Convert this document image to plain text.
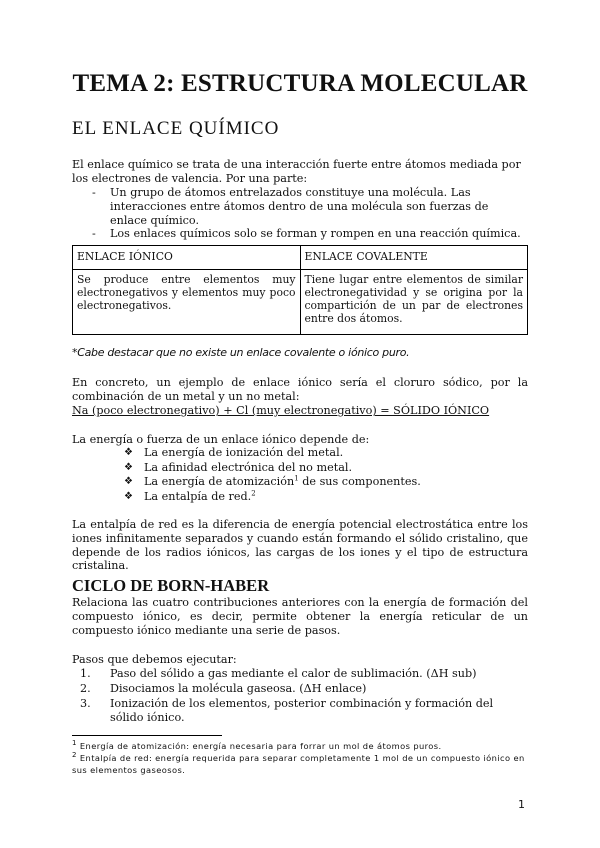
TEMA 2: ESTRUCTURA MOLECULAR
EL ENLACE QUÍMICO

El enlace químico se trata de una interacción fuerte entre átomos mediada por los electrones de valencia. Por una parte:

- Un grupo de átomos entrelazados constituye una molécula. Las interacciones entre átomos dentro de una molécula son fuerzas de enlace químico.
- Los enlaces químicos solo se forman y rompen en una reacción química.
ENLACE IÓNICO	ENLACE COVALENTE
Se produce entre elementos muy electronegativos y elementos muy poco electronegativos.	Tiene lugar entre elementos de similar electronegatividad y se origina por la compartición de un par de electrones entre dos átomos.
*Cabe destacar que no existe un enlace covalente o iónico puro.

En concreto, un ejemplo de enlace iónico sería el cloruro sódico, por la combinación de un metal y un no metal:

Na (poco electronegativo) + Cl (muy electronegativo) = SÓLIDO IÓNICO

La energía o fuerza de un enlace iónico depende de:

❖ La energía de ionización del metal.
❖ La afinidad electrónica del no metal.
❖ La energía de atomización$^1$ de sus componentes.
❖ La entalpía de red.$^2$

La entalpía de red es la diferencia de energía potencial electrostática entre los iones infinitamente separados y cuando están formando el sólido cristalino, que depende de los radios iónicos, las cargas de los iones y el tipo de estructura cristalina.

CICLO DE BORN-HABER

Relaciona las cuatro contribuciones anteriores con la energía de formación del compuesto iónico, es decir, permite obtener la energía reticular de un compuesto iónico mediante una serie de pasos.

Pasos que debemos ejecutar:

1. Paso del sólido a gas mediante el calor de sublimación. (ΔH sub)
2. Disociamos la molécula gaseosa. (ΔH enlace)
3. Ionización de los elementos, posterior combinación y formación del sólido iónico.

$^1$ Energía de atomización: energía necesaria para forrar un mol de átomos puros.

$^2$ Entalpía de red: energía requerida para separar completamente 1 mol de un compuesto iónico en sus elementos gaseosos.

1
